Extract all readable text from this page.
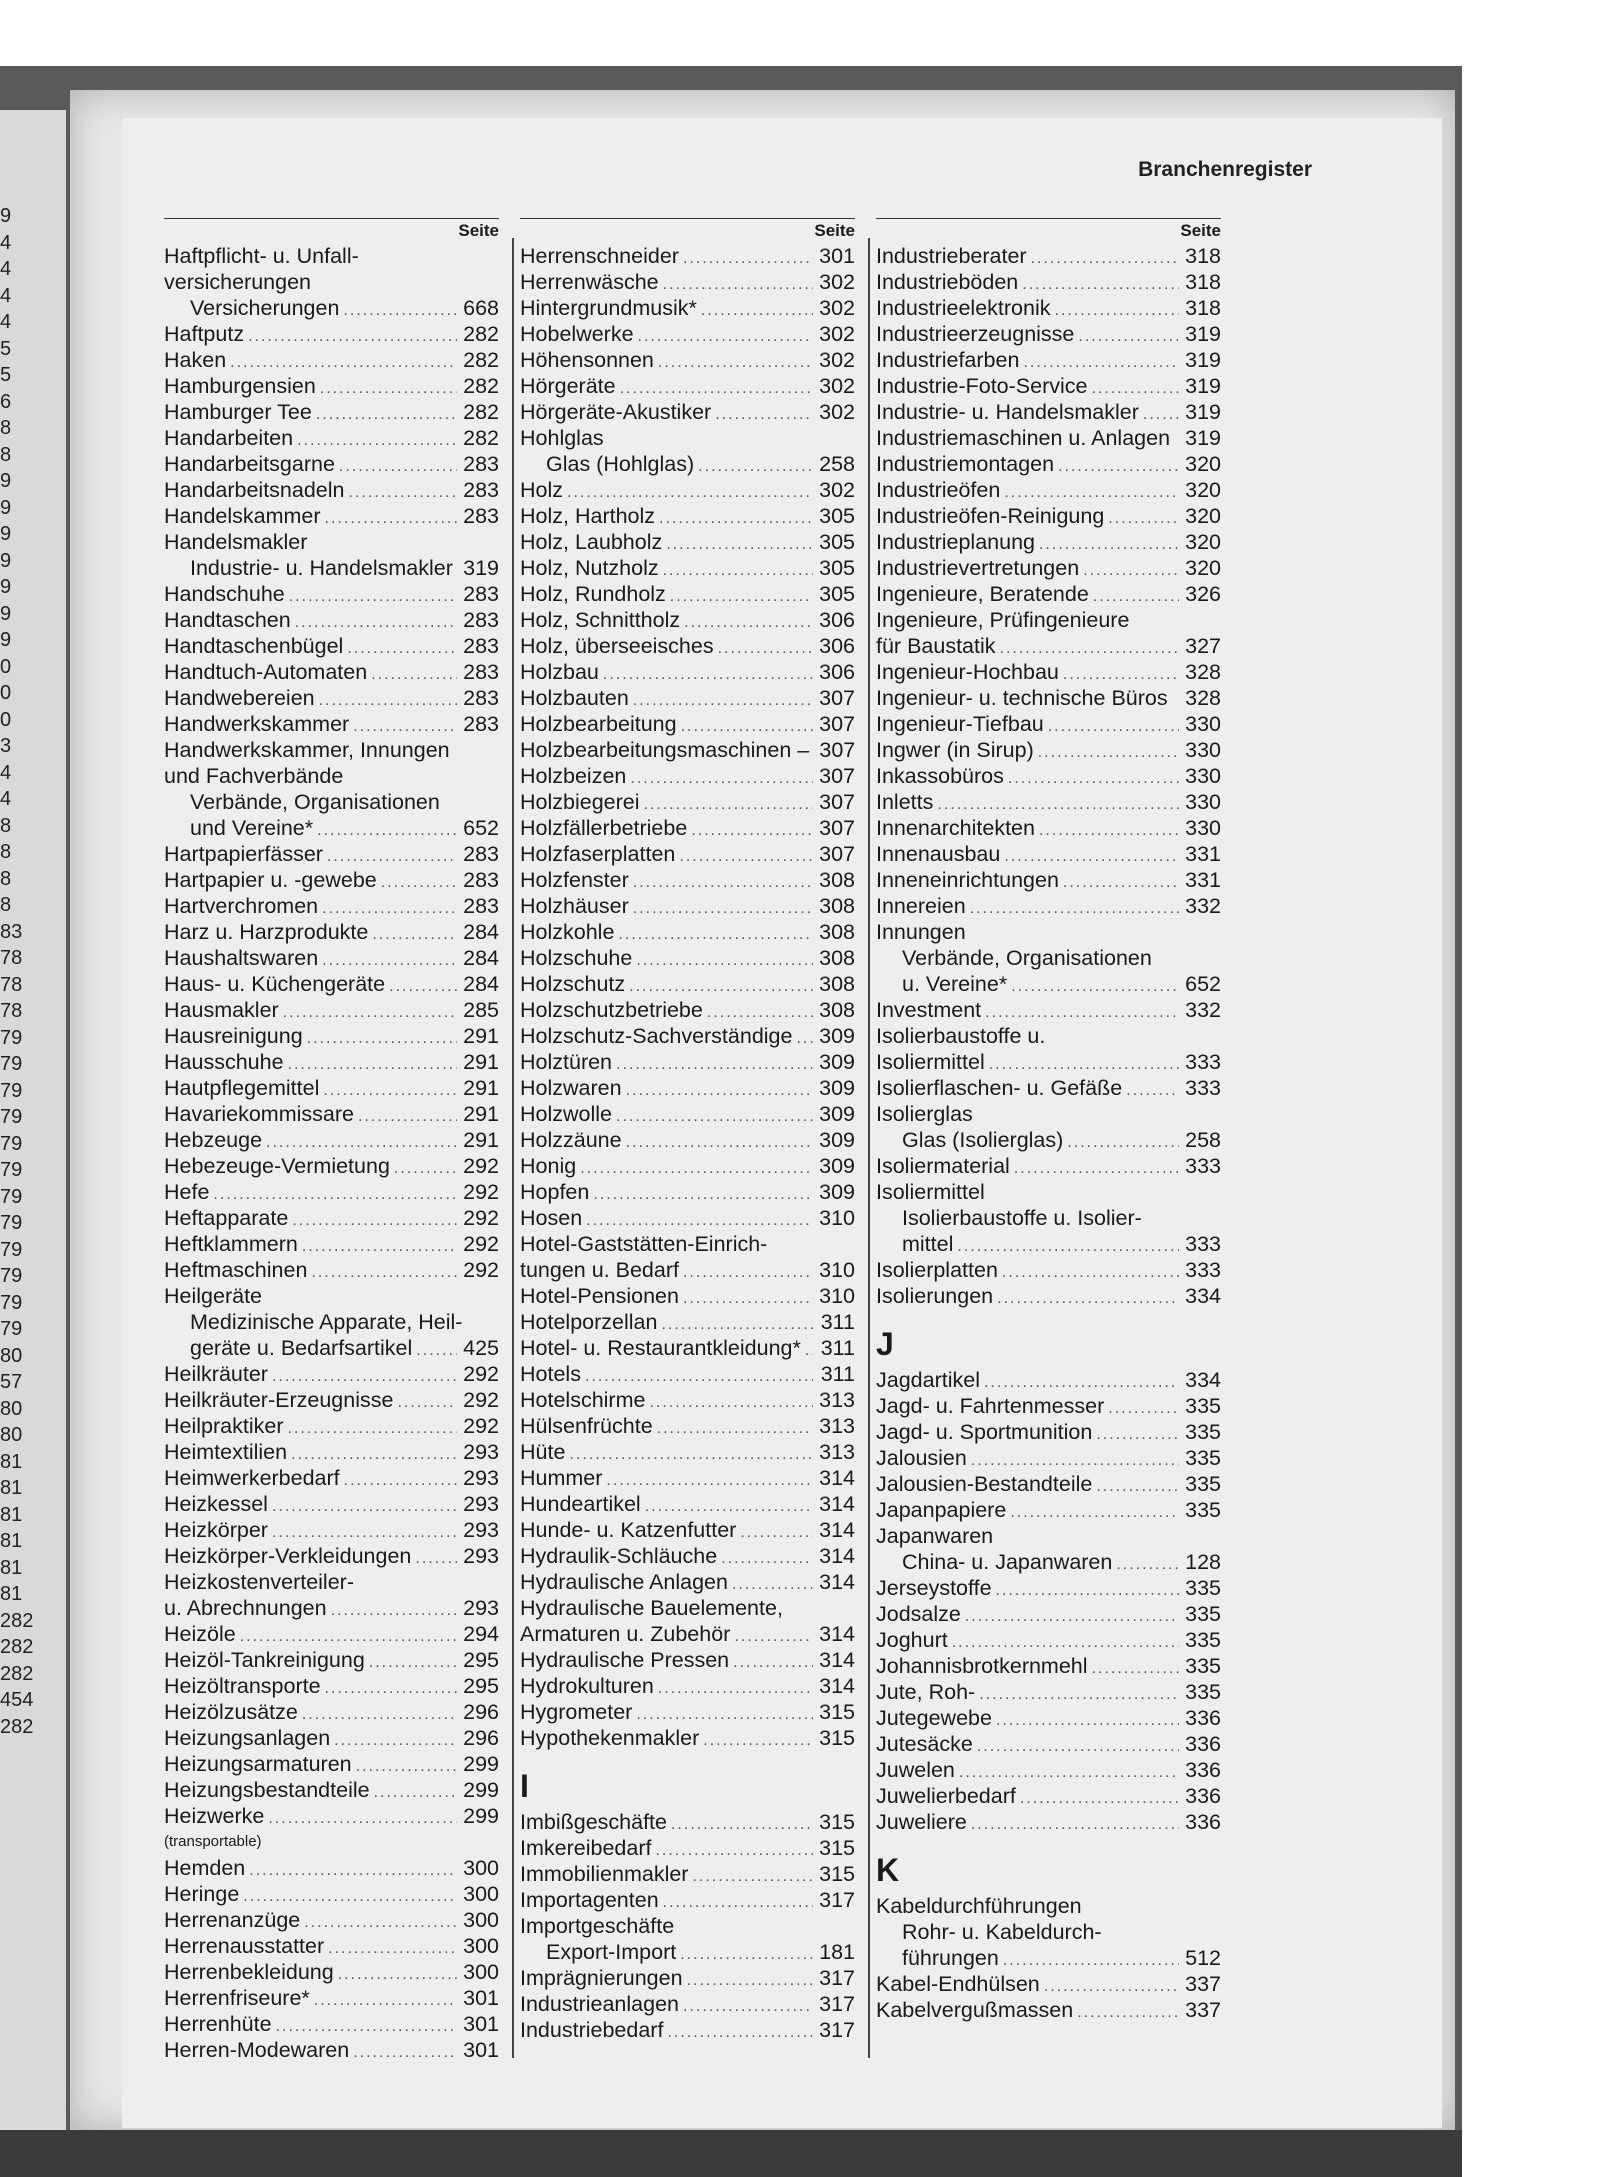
9
4
4
4
4
5
5
6
8
8
9
9
9
9
9
9
9
0
0
0
3
4
4
8
8
8
8
83
78
78
78
79
79
79
79
79
79
79
79
79
79
79
79
80
57
80
80
81
81
81
81
81
81
282
282
282
454
282
Branchenregister
Seite
Haftpflicht- u. Unfall-
versicherungen
Versicherungen .....	668
Haftputz .....	282
Haken .....	282
Hamburgensien .....	282
Hamburger Tee .....	282
Handarbeiten .....	282
Handarbeitsgarne .....	283
Handarbeitsnadeln .....	283
Handelskammer .....	283
Handelsmakler
Industrie- u. Handelsmakler ..... 319
Handschuhe .....	283
Handtaschen .....	283
Handtaschenbügel .....	283
Handtuch-Automaten .....	283
Handwebereien .....	283
Handwerkskammer .....	283
Handwerkskammer, Innungen
und Fachverbände
Verbände, Organisationen
und Vereine* .....	652
Hartpapierfässer .....	283
Hartpapier u. -gewebe .....	283
Hartverchromen .....	283
Harz u. Harzprodukte .....	284
Haushaltswaren .....	284
Haus- u. Küchengeräte .....	284
Hausmakler .....	285
Hausreinigung .....	291
Hausschuhe .....	291
Hautpflegemittel .....	291
Havariekommissare .....	291
Hebzeuge .....	291
Hebezeuge-Vermietung .....	292
Hefe .....	292
Heftapparate .....	292
Heftklammern .....	292
Heftmaschinen .....	292
Heilgeräte
Medizinische Apparate, Heil-
geräte u. Bedarfsartikel ..... 425
Heilkräuter .....	292
Heilkräuter-Erzeugnisse .....	292
Heilpraktiker .....	292
Heimtextilien .....	293
Heimwerkerbedarf .....	293
Heizkessel .....	293
Heizkörper .....	293
Heizkörper-Verkleidungen ..... 293
Heizkostenverteiler-
u. Abrechnungen .....	293
Heizöle .....	294
Heizöl-Tankreinigung .....	295
Heizöltransporte .....	295
Heizölzusätze .....	296
Heizungsanlagen .....	296
Heizungsarmaturen .....	299
Heizungsbestandteile .....	299
Heizwerke .....	299
(transportable)
Hemden .....	300
Heringe .....	300
Herrenanzüge .....	300
Herrenausstatter .....	300
Herrenbekleidung .....	300
Herrenfriseure* .....	301
Herrenhüte .....	301
Herren-Modewaren .....	301
Seite
Herrenschneider .....	301
Herrenwäsche .....	302
Hintergrundmusik* .....	302
Hobelwerke .....	302
Höhensonnen .....	302
Hörgeräte .....	302
Hörgeräte-Akustiker .....	302
Hohlglas
Glas (Hohlglas) .....	258
Holz .....	302
Holz, Hartholz .....	305
Holz, Laubholz .....	305
Holz, Nutzholz .....	305
Holz, Rundholz .....	305
Holz, Schnittholz .....	306
Holz, überseeisches .....	306
Holzbau .....	306
Holzbauten .....	307
Holzbearbeitung .....	307
Holzbearbeitungsmaschinen – 307
Holzbeizen .....	307
Holzbiegerei .....	307
Holzfällerbetriebe .....	307
Holzfaserplatten .....	307
Holzfenster .....	308
Holzhäuser .....	308
Holzkohle .....	308
Holzschuhe .....	308
Holzschutz .....	308
Holzschutzbetriebe .....	308
Holzschutz-Sachverständige ..... 309
Holztüren .....	309
Holzwaren .....	309
Holzwolle .....	309
Holzzäune .....	309
Honig .....	309
Hopfen .....	309
Hosen .....	310
Hotel-Gaststätten-Einrich-
tungen u. Bedarf .....	310
Hotel-Pensionen .....	310
Hotelporzellan .....	311
Hotel- u. Restaurantkleidung* ..... 311
Hotels .....	311
Hotelschirme .....	313
Hülsenfrüchte .....	313
Hüte .....	313
Hummer .....	314
Hundeartikel .....	314
Hunde- u. Katzenfutter .....	314
Hydraulik-Schläuche .....	314
Hydraulische Anlagen .....	314
Hydraulische Bauelemente,
Armaturen u. Zubehör .....	314
Hydraulische Pressen .....	314
Hydrokulturen .....	314
Hygrometer .....	315
Hypothekenmakler .....	315
I
Imbißgeschäfte .....	315
Imkereibedarf .....	315
Immobilienmakler .....	315
Importagenten .....	317
Importgeschäfte
Export-Import .....	181
Imprägnierungen .....	317
Industrieanlagen .....	317
Industriebedarf .....	317
Seite
Industrieberater .....	318
Industrieböden .....	318
Industrieelektronik .....	318
Industrieerzeugnisse .....	319
Industriefarben .....	319
Industrie-Foto-Service .....	319
Industrie- u. Handelsmakler ..... 319
Industriemaschinen u. Anlagen 319
Industriemontagen .....	320
Industrieöfen .....	320
Industrieöfen-Reinigung .....	320
Industrieplanung .....	320
Industrievertretungen .....	320
Ingenieure, Beratende .....	326
Ingenieure, Prüfingenieure
für Baustatik .....	327
Ingenieur-Hochbau .....	328
Ingenieur- u. technische Büros 328
Ingenieur-Tiefbau .....	330
Ingwer (in Sirup) .....	330
Inkassobüros .....	330
Inletts .....	330
Innenarchitekten .....	330
Innenausbau .....	331
Inneneinrichtungen .....	331
Innereien .....	332
Innungen
Verbände, Organisationen
u. Vereine* .....	652
Investment .....	332
Isolierbaustoffe u.
Isoliermittel .....	333
Isolierflaschen- u. Gefäße .....	333
Isolierglas
Glas (Isolierglas) .....	258
Isoliermaterial .....	333
Isoliermittel
Isolierbaustoffe u. Isolier-
mittel .....	333
Isolierplatten .....	333
Isolierungen .....	334
J
Jagdartikel .....	334
Jagd- u. Fahrtenmesser .....	335
Jagd- u. Sportmunition .....	335
Jalousien .....	335
Jalousien-Bestandteile .....	335
Japanpapiere .....	335
Japanwaren
China- u. Japanwaren .....	128
Jerseystoffe .....	335
Jodsalze .....	335
Joghurt .....	335
Johannisbrotkernmehl .....	335
Jute, Roh- .....	335
Jutegewebe .....	336
Jutesäcke .....	336
Juwelen .....	336
Juwelierbedarf .....	336
Juweliere .....	336
K
Kabeldurchführungen
Rohr- u. Kabeldurch-
führungen .....	512
Kabel-Endhülsen .....	337
Kabelvergußmassen .....	337
